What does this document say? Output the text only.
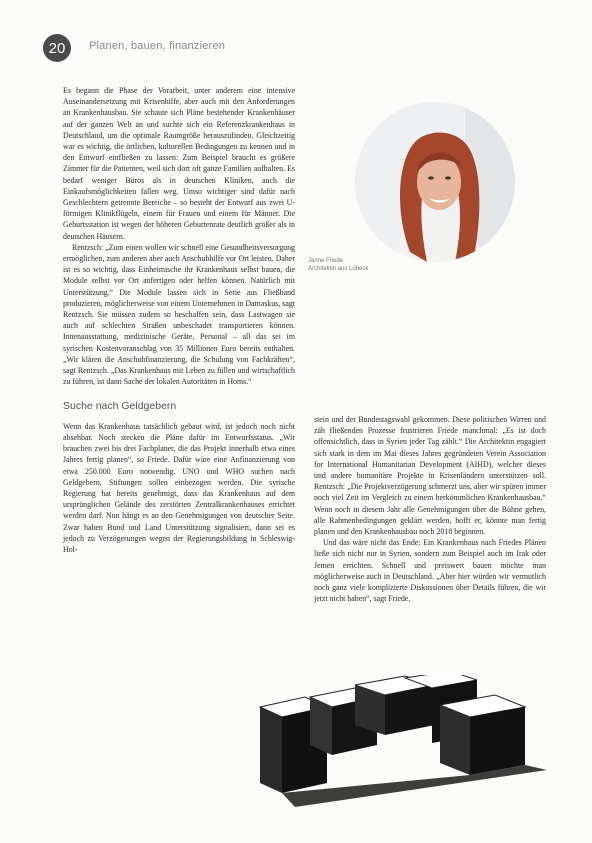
20	Planen, bauen, finanzieren

Es begann die Phase der Vorarbeit, unter anderem eine intensive Auseinandersetzung mit Krisenhilfe, aber auch mit den Anforderungen an Krankenhausbau. Sie schaute sich Pläne bestehender Krankenhäuser auf der ganzen Welt an und suchte sich ein Referenzkrankenhaus in Deutschland, um die optimale Raumgröße herauszufinden. Gleichzeitig war es wichtig, die örtlichen, kulturellen Bedingungen zu kennen und in den Entwurf einfließen zu lassen: Zum Beispiel braucht es größere Zimmer für die Patienten, weil sich dort oft ganze Familien aufhalten. Es bedarf weniger Büros als in deutschen Kliniken, auch die Einkaufsmöglichkeiten fallen weg. Umso wichtiger sind dafür nach Geschlechtern getrennte Bereiche – so besteht der Entwurf aus zwei U-förmigen Klinikflügeln, einem für Frauen und einem für Männer. Die Geburtsstation ist wegen der höheren Geburtenrate deutlich größer als in deutschen Häusern.

Rentzsch: „Zum einen wollen wir schnell eine Gesundheitsversorgung ermöglichen, zum anderen aber auch Anschubhilfe vor Ort leisten. Daher ist es so wichtig, dass Einheimische ihr Krankenhaus selbst bauen, die Module selbst vor Ort anfertigen oder helfen können. Natürlich mit Unterstützung.“ Die Module lassen sich in Serie aus Fließband produzieren, möglicherweise von einem Unternehmen in Damaskus, sagt Rentzsch. Sie müssen zudem so beschaffen sein, dass Lastwagen sie auch auf schlechten Straßen unbeschadet transportieren können. Innenausstattung, medizinische Geräte, Personal – all das sei im syrischen Kostenvoranschlag von 35 Millionen Euro bereits enthalten. „Wir klären die Anschubfinanzierung, die Schulung von Fachkräften“, sagt Rentzsch. „Das Krankenhaus mit Leben zu füllen und wirtschaftlich zu führen, ist dann Sache der lokalen Autoritäten in Homs.“

Suche nach Geldgebern

Wenn das Krankenhaus tatsächlich gebaut wird, ist jedoch noch nicht absehbar. Noch stecken die Pläne dafür im Entwurfsstatus. „Wir brauchen zwei bis drei Fachplaner, die das Projekt innerhalb etwa eines Jahres fertig planen“, so Friede. Dafür wäre eine Anfinanzierung von etwa 250.000 Euro notwendig. UNO und WHO suchen nach Geldgebern, Stiftungen sollen einbezogen werden. Die syrische Regierung hat bereits genehmigt, dass das Krankenhaus auf dem ursprünglichen Gelände des zerstörten Zentralkrankenhauses errichtet werden darf. Nun hängt es an den Genehmigungen von deutscher Seite. Zwar haben Bund und Land Unterstützung signalisiert, dann sei es jedoch zu Verzögerungen wegen der Regierungsbildung in Schleswig-Hol-

Janne Friede
Architektin aus Lübeck

stein und der Bundestagswahl gekommen. Diese politischen Wirren und zäh fließenden Prozesse frustrieren Friede manchmal: „Es ist doch offensichtlich, dass in Syrien jeder Tag zählt.“ Die Architektin engagiert sich stark in dem im Mai dieses Jahres gegründeten Verein Association for International Humanitarian Development (AIHD), welcher dieses und andere humanitäre Projekte in Krisenländern unterstützen soll. Rentzsch: „Die Projektverzögerung schmerzt uns, aber wir spüren immer noch viel Zeit im Vergleich zu einem herkömmlichen Krankenhausbau.“ Wenn noch in diesem Jahr alle Genehmigungen über die Bühne gehen, alle Rahmenbedingungen geklärt werden, hofft er, könnte man fertig planen und den Krankenhausbau noch 2018 beginnen.

Und das wäre nicht das Ende: Ein Krankenhaus nach Friedes Plänen ließe sich nicht nur in Syrien, sondern zum Beispiel auch im Irak oder Jemen errichten. Schnell und preiswert bauen möchte man möglicherweise auch in Deutschland. „Aber hier würden wir vermutlich noch ganz viele komplizierte Diskussionen über Details führen, die wir jetzt nicht haben“, sagt Friede.
